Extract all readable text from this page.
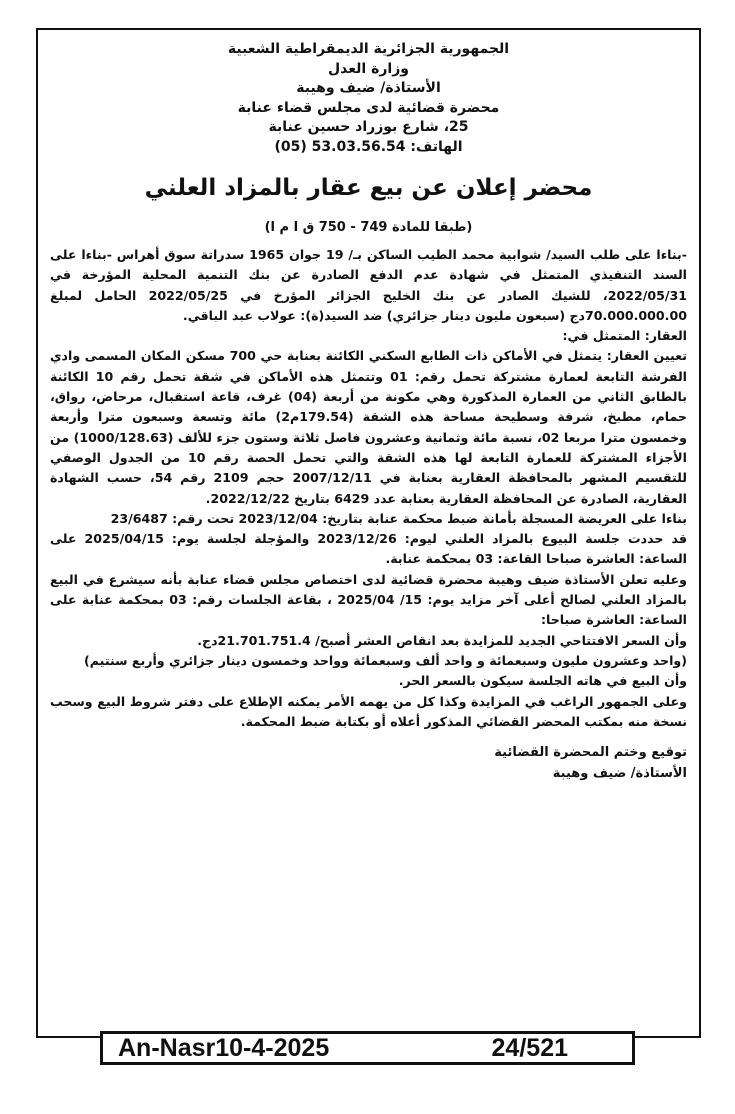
الجمهورية الجزائرية الديمقراطية الشعبية
وزارة العدل
الأستاذة/ ضيف وهيبة
محضرة قضائية لدى مجلس قضاء عنابة
25، شارع بوزراد حسين عنابة
الهاتف: 53.03.56.54 (05)
محضر إعلان عن بيع عقار بالمزاد العلني
(طبقا للمادة 749 - 750 ق ا م ا)

-بناءا على طلب السيد/ شوابية محمد الطيب الساكن بـ/ 19 جوان 1965 سدراتة سوق أهراس -بناءا على السند التنفيذي المتمثل في شهادة عدم الدفع الصادرة عن بنك التنمية المحلية المؤرخة في 2022/05/31، للشيك الصادر عن بنك الخليج الجزائر المؤرخ في 2022/05/25 الحامل لمبلغ 70.000.000.00دج (سبعون مليون دينار جزائري) ضد السيد(ة): عولاب عبد الباقي.

العقار: المتمثل في:

تعيين العقار: يتمثل في الأماكن ذات الطابع السكني الكائنة بعنابة حي 700 مسكن المكان المسمى وادي الفرشة التابعة لعمارة مشتركة تحمل رقم: 01 وتتمثل هذه الأماكن في شقة تحمل رقم 10 الكائنة بالطابق الثاني من العمارة المذكورة وهي مكونة من أربعة (04) غرف، قاعة استقبال، مرحاض، رواق، حمام، مطبخ، شرفة وسطيحة مساحة هذه الشقة (179.54م2) مائة وتسعة وسبعون مترا وأربعة وخمسون مترا مربعا 02، نسبة مائة وثمانية وعشرون فاصل ثلاثة وستون جزء للألف (1000/128.63) من الأجزاء المشتركة للعمارة التابعة لها هذه الشقة والتي تحمل الحصة رقم 10 من الجدول الوصفي للتقسيم المشهر بالمحافظة العقارية بعنابة في 2007/12/11 حجم 2109 رقم 54، حسب الشهادة العقارية، الصادرة عن المحافظة العقارية بعنابة عدد 6429 بتاريخ 2022/12/22.

بناءا على العريضة المسجلة بأمانة ضبط محكمة عنابة بتاريخ: 2023/12/04 تحت رقم: 23/6487

قد حددت جلسة البيوع بالمزاد العلني ليوم: 2023/12/26 والمؤجلة لجلسة يوم: 2025/04/15 على الساعة: العاشرة صباحا القاعة: 03 بمحكمة عنابة.

وعليه تعلن الأستاذة ضيف وهيبة محضرة قضائية لدى اختصاص مجلس قضاء عنابة بأنه سيشرع في البيع بالمزاد العلني لصالح أعلى آخر مزايد يوم: 15/ 2025/04 ، بقاعة الجلسات رقم: 03 بمحكمة عنابة على الساعة: العاشرة صباحا:

وأن السعر الافتتاحي الجديد للمزايدة بعد انقاص العشر أصبح/ 21.701.751.4دج.

(واحد وعشرون مليون وسبعمائة و واحد ألف وسبعمائة وواحد وخمسون دينار جزائري وأربع سنتيم)

وأن البيع في هاته الجلسة سيكون بالسعر الحر.

وعلى الجمهور الراغب في المزايدة وكذا كل من يهمه الأمر يمكنه الإطلاع على دفتر شروط البيع وسحب نسخة منه بمكتب المحضر القضائي المذكور أعلاه أو بكتابة ضبط المحكمة.

توقيع وختم المحضرة القضائية
الأستاذة/ ضيف وهيبة
An-Nasr10-4-2025	24/521
